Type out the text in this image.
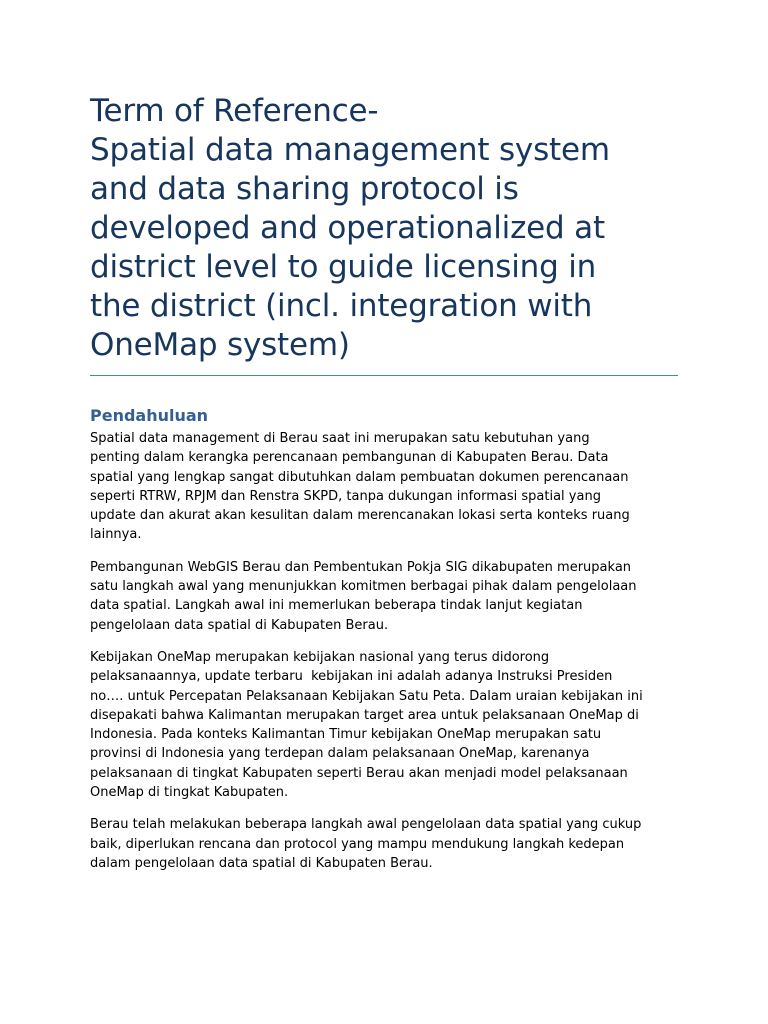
Term of Reference-
Spatial data management system
and data sharing protocol is
developed and operationalized at
district level to guide licensing in
the district (incl. integration with
OneMap system)
Pendahuluan

Spatial data management di Berau saat ini merupakan satu kebutuhan yang
penting dalam kerangka perencanaan pembangunan di Kabupaten Berau. Data
spatial yang lengkap sangat dibutuhkan dalam pembuatan dokumen perencanaan
seperti RTRW, RPJM dan Renstra SKPD, tanpa dukungan informasi spatial yang
update dan akurat akan kesulitan dalam merencanakan lokasi serta konteks ruang
lainnya.

Pembangunan WebGIS Berau dan Pembentukan Pokja SIG dikabupaten merupakan
satu langkah awal yang menunjukkan komitmen berbagai pihak dalam pengelolaan
data spatial. Langkah awal ini memerlukan beberapa tindak lanjut kegiatan
pengelolaan data spatial di Kabupaten Berau.

Kebijakan OneMap merupakan kebijakan nasional yang terus didorong
pelaksanaannya, update terbaru  kebijakan ini adalah adanya Instruksi Presiden
no…. untuk Percepatan Pelaksanaan Kebijakan Satu Peta. Dalam uraian kebijakan ini
disepakati bahwa Kalimantan merupakan target area untuk pelaksanaan OneMap di
Indonesia. Pada konteks Kalimantan Timur kebijakan OneMap merupakan satu
provinsi di Indonesia yang terdepan dalam pelaksanaan OneMap, karenanya
pelaksanaan di tingkat Kabupaten seperti Berau akan menjadi model pelaksanaan
OneMap di tingkat Kabupaten.

Berau telah melakukan beberapa langkah awal pengelolaan data spatial yang cukup
baik, diperlukan rencana dan protocol yang mampu mendukung langkah kedepan
dalam pengelolaan data spatial di Kabupaten Berau.
